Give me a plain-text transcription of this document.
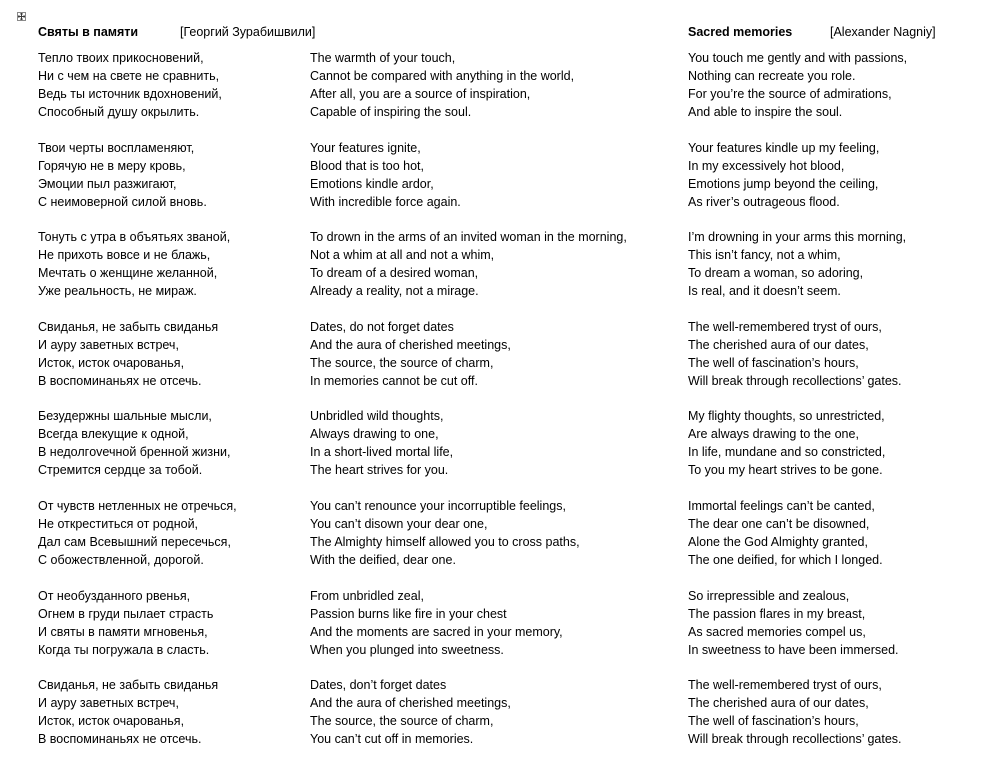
Святы в памяти	[Георгий Зурабишвили]	Sacred memories	[Alexander Nagniy]
Тепло твоих прикосновений,
Ни с чем на свете не сравнить,
Ведь ты источник вдохновений,
Способный душу окрылить.
Твои черты воспламеняют,
Горячую не в меру кровь,
Эмоции пыл разжигают,
С неимоверной силой вновь.
Тонуть с утра в объятьях званой,
Не прихоть вовсе и не блажь,
Мечтать о женщине желанной,
Уже реальность, не мираж.
Свиданья, не забыть свиданья
И ауру заветных встреч,
Исток, исток очарованья,
В воспоминаньях не отсечь.
Безудержны шальные мысли,
Всегда влекущие к одной,
В недолгovечной бренной жизни,
Стремится сердце за тобой.
От чувств нетленных не отречься,
Не откреститься от родной,
Дал сам Всевышний пересечься,
С обожествленной, дорогой.
От необузданного рвенья,
Огнем в груди пылает страсть
И святы в памяти мгновенья,
Когда ты погружала в сласть.
Свиданья, не забыть свиданья
И ауру заветных встреч,
Исток, исток очарованья,
В воспоминаньях не отсечь.
The warmth of your touch,
Cannot be compared with anything in the world,
After all, you are a source of inspiration,
Capable of inspiring the soul.
Your features ignite,
Blood that is too hot,
Emotions kindle ardor,
With incredible force again.
To drown in the arms of an invited woman in the morning,
Not a whim at all and not a whim,
To dream of a desired woman,
Already a reality, not a mirage.
Dates, do not forget dates
And the aura of cherished meetings,
The source, the source of charm,
In memories cannot be cut off.
Unbridled wild thoughts,
Always drawing to one,
In a short-lived mortal life,
The heart strives for you.
You can’t renounce your incorruptible feelings,
You can’t disown your dear one,
The Almighty himself allowed you to cross paths,
With the deified, dear one.
From unbridled zeal,
Passion burns like fire in your chest
And the moments are sacred in your memory,
When you plunged into sweetness.
Dates, don’t forget dates
And the aura of cherished meetings,
The source, the source of charm,
You can’t cut off in memories.
You touch me gently and with passions,
Nothing can recreate you role.
For you’re the source of admirations,
And able to inspire the soul.
Your features kindle up my feeling,
In my excessively hot blood,
Emotions jump beyond the ceiling,
As river’s outrageous flood.
I’m drowning in your arms this morning,
This isn’t fancy, not a whim,
To dream a woman, so adoring,
Is real, and it doesn’t seem.
The well-remembered tryst of ours,
The cherished aura of our dates,
The well of fascination’s hours,
Will break through recollections’ gates.
My flighty thoughts, so unrestricted,
Are always drawing to the one,
In life, mundane and so constricted,
To you my heart strives to be gone.
Immortal feelings can’t be canted,
The dear one can’t be disowned,
Alone the God Almighty granted,
The one deified, for which I longed.
So irrepressible and zealous,
The passion flares in my breast,
As sacred memories compel us,
In sweetness to have been immersed.
The well-remembered tryst of ours,
The cherished aura of our dates,
The well of fascination’s hours,
Will break through recollections’ gates.
